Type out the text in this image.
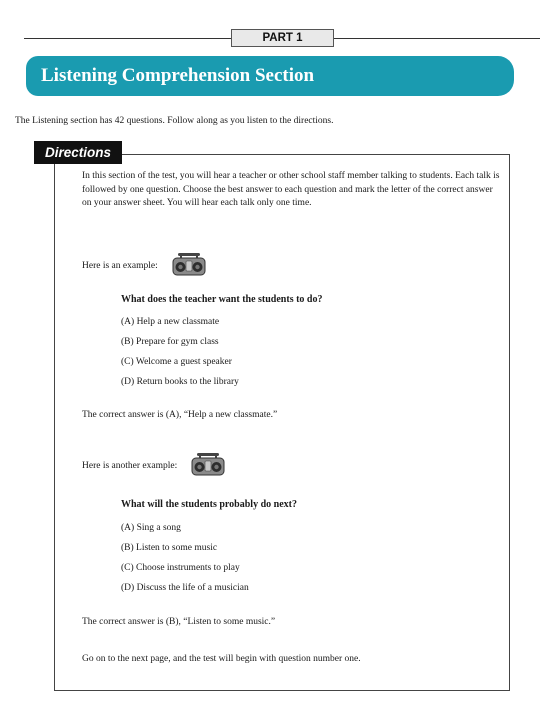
PART 1
Listening Comprehension Section
The Listening section has 42 questions. Follow along as you listen to the directions.
Directions

In this section of the test, you will hear a teacher or other school staff member talking to students. Each talk is followed by one question. Choose the best answer to each question and mark the letter of the correct answer on your answer sheet. You will hear each talk only one time.

Here is an example:
What does the teacher want the students to do?
(A) Help a new classmate
(B) Prepare for gym class
(C) Welcome a guest speaker
(D) Return books to the library
The correct answer is (A), “Help a new classmate.”
Here is another example:
What will the students probably do next?
(A) Sing a song
(B) Listen to some music
(C) Choose instruments to play
(D) Discuss the life of a musician
The correct answer is (B), “Listen to some music.”
Go on to the next page, and the test will begin with question number one.
